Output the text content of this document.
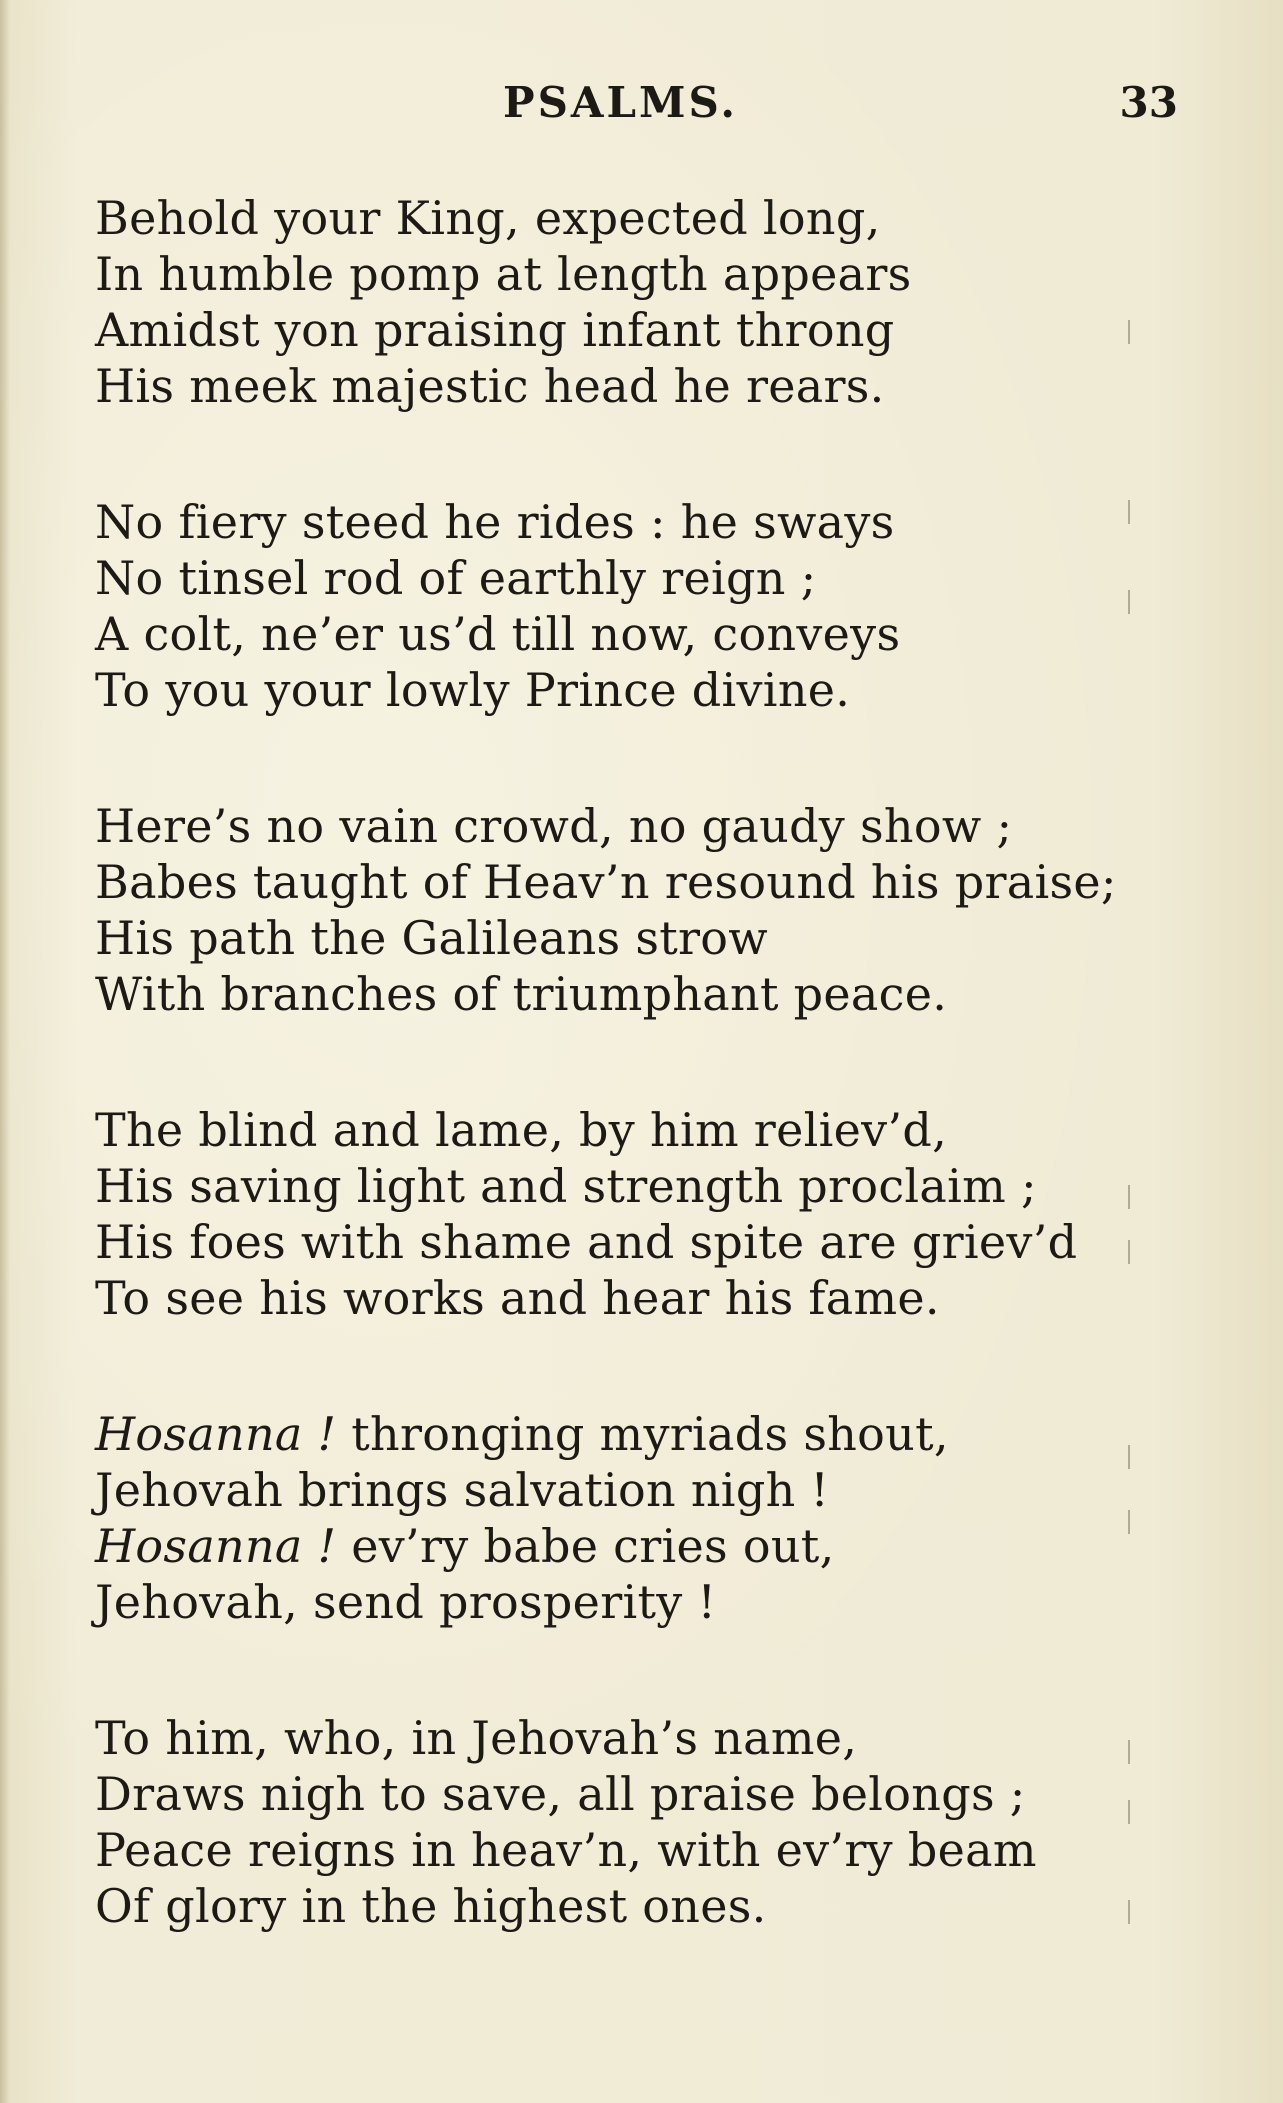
PSALMS.	33
Behold your King, expected long,
In humble pomp at length appears
Amidst yon praising infant throng
His meek majestic head he rears.
No fiery steed he rides : he sways
No tinsel rod of earthly reign ;
A colt, ne’er us’d till now, conveys
To you your lowly Prince divine.
Here’s no vain crowd, no gaudy show ;
Babes taught of Heav’n resound his praise;
His path the Galileans strow
With branches of triumphant peace.
The blind and lame, by him reliev’d,
His saving light and strength proclaim ;
His foes with shame and spite are griev’d
To see his works and hear his fame.
Hosanna ! thronging myriads shout,
Jehovah brings salvation nigh !
Hosanna ! ev’ry babe cries out,
Jehovah, send prosperity !
To him, who, in Jehovah’s name,
Draws nigh to save, all praise belongs ;
Peace reigns in heav’n, with ev’ry beam
Of glory in the highest ones.
